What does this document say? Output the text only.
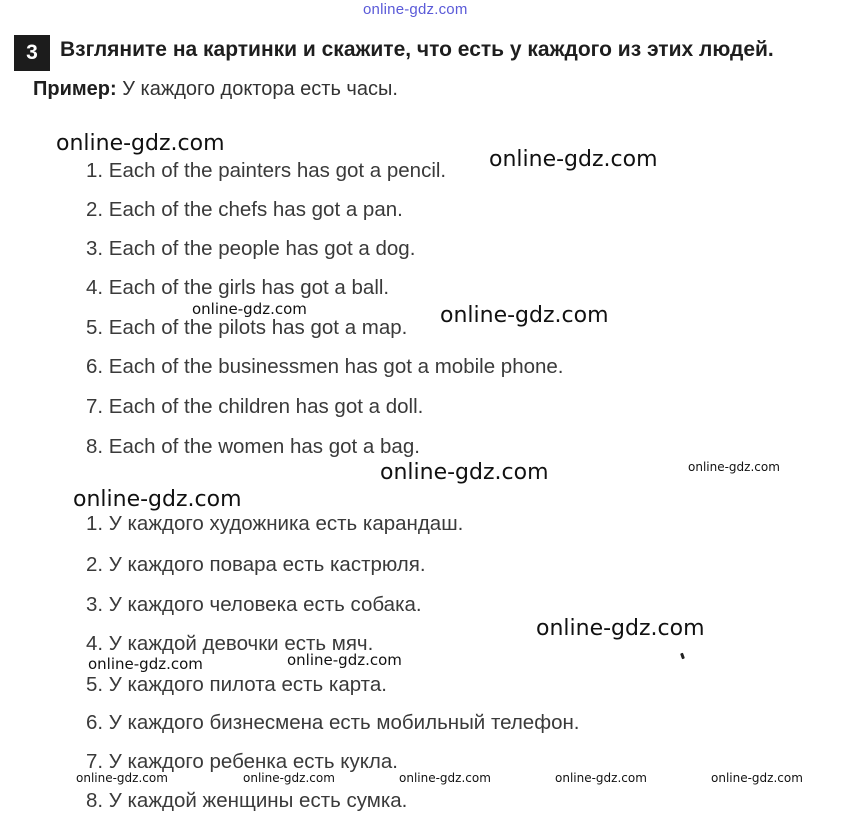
online-gdz.com
3	Взгляните на картинки и скажите, что есть у каждого из этих людей.
Пример: У каждого доктора есть часы.
1. Each of the painters has got a pencil.
2. Each of the chefs has got a pan.
3. Each of the people has got a dog.
4. Each of the girls has got a ball.
5. Each of the pilots has got a map.
6. Each of the businessmen has got a mobile phone.
7. Each of the children has got a doll.
8. Each of the women has got a bag.
1. У каждого художника есть карандаш.
2. У каждого повара есть кастрюля.
3. У каждого человека есть собака.
4. У каждой девочки есть мяч.
5. У каждого пилота есть карта.
6. У каждого бизнесмена есть мобильный телефон.
7. У каждого ребенка есть кукла.
8. У каждой женщины есть сумка.
online-gdz.com
online-gdz.com
online-gdz.com	online-gdz.com
online-gdz.com	online-gdz.com
online-gdz.com
online-gdz.com
online-gdz.com	online-gdz.com
online-gdz.com	online-gdz.com	online-gdz.com	online-gdz.com	online-gdz.com
